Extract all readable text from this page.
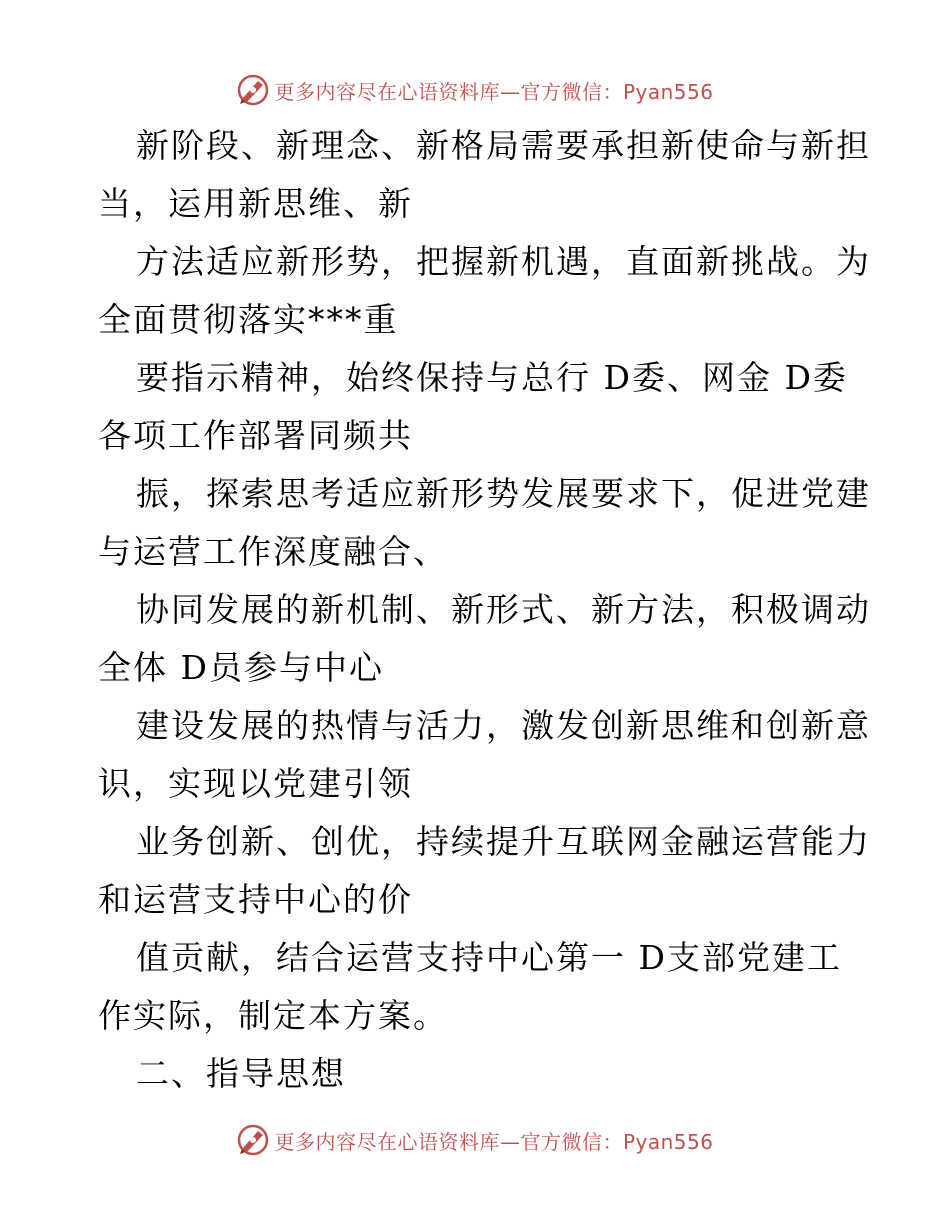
更多内容尽在心语资料库—官方微信：Pyan556
新阶段、新理念、新格局需要承担新使命与新担
当，运用新思维、新
方法适应新形势，把握新机遇，直面新挑战。为
全面贯彻落实***重
要指示精神，始终保持与总行 D委、网金 D委
各项工作部署同频共
振，探索思考适应新形势发展要求下，促进党建
与运营工作深度融合、
协同发展的新机制、新形式、新方法，积极调动
全体 D员参与中心
建设发展的热情与活力，激发创新思维和创新意
识，实现以党建引领
业务创新、创优，持续提升互联网金融运营能力
和运营支持中心的价
值贡献，结合运营支持中心第一 D支部党建工
作实际，制定本方案。
二、指导思想
更多内容尽在心语资料库—官方微信：Pyan556
